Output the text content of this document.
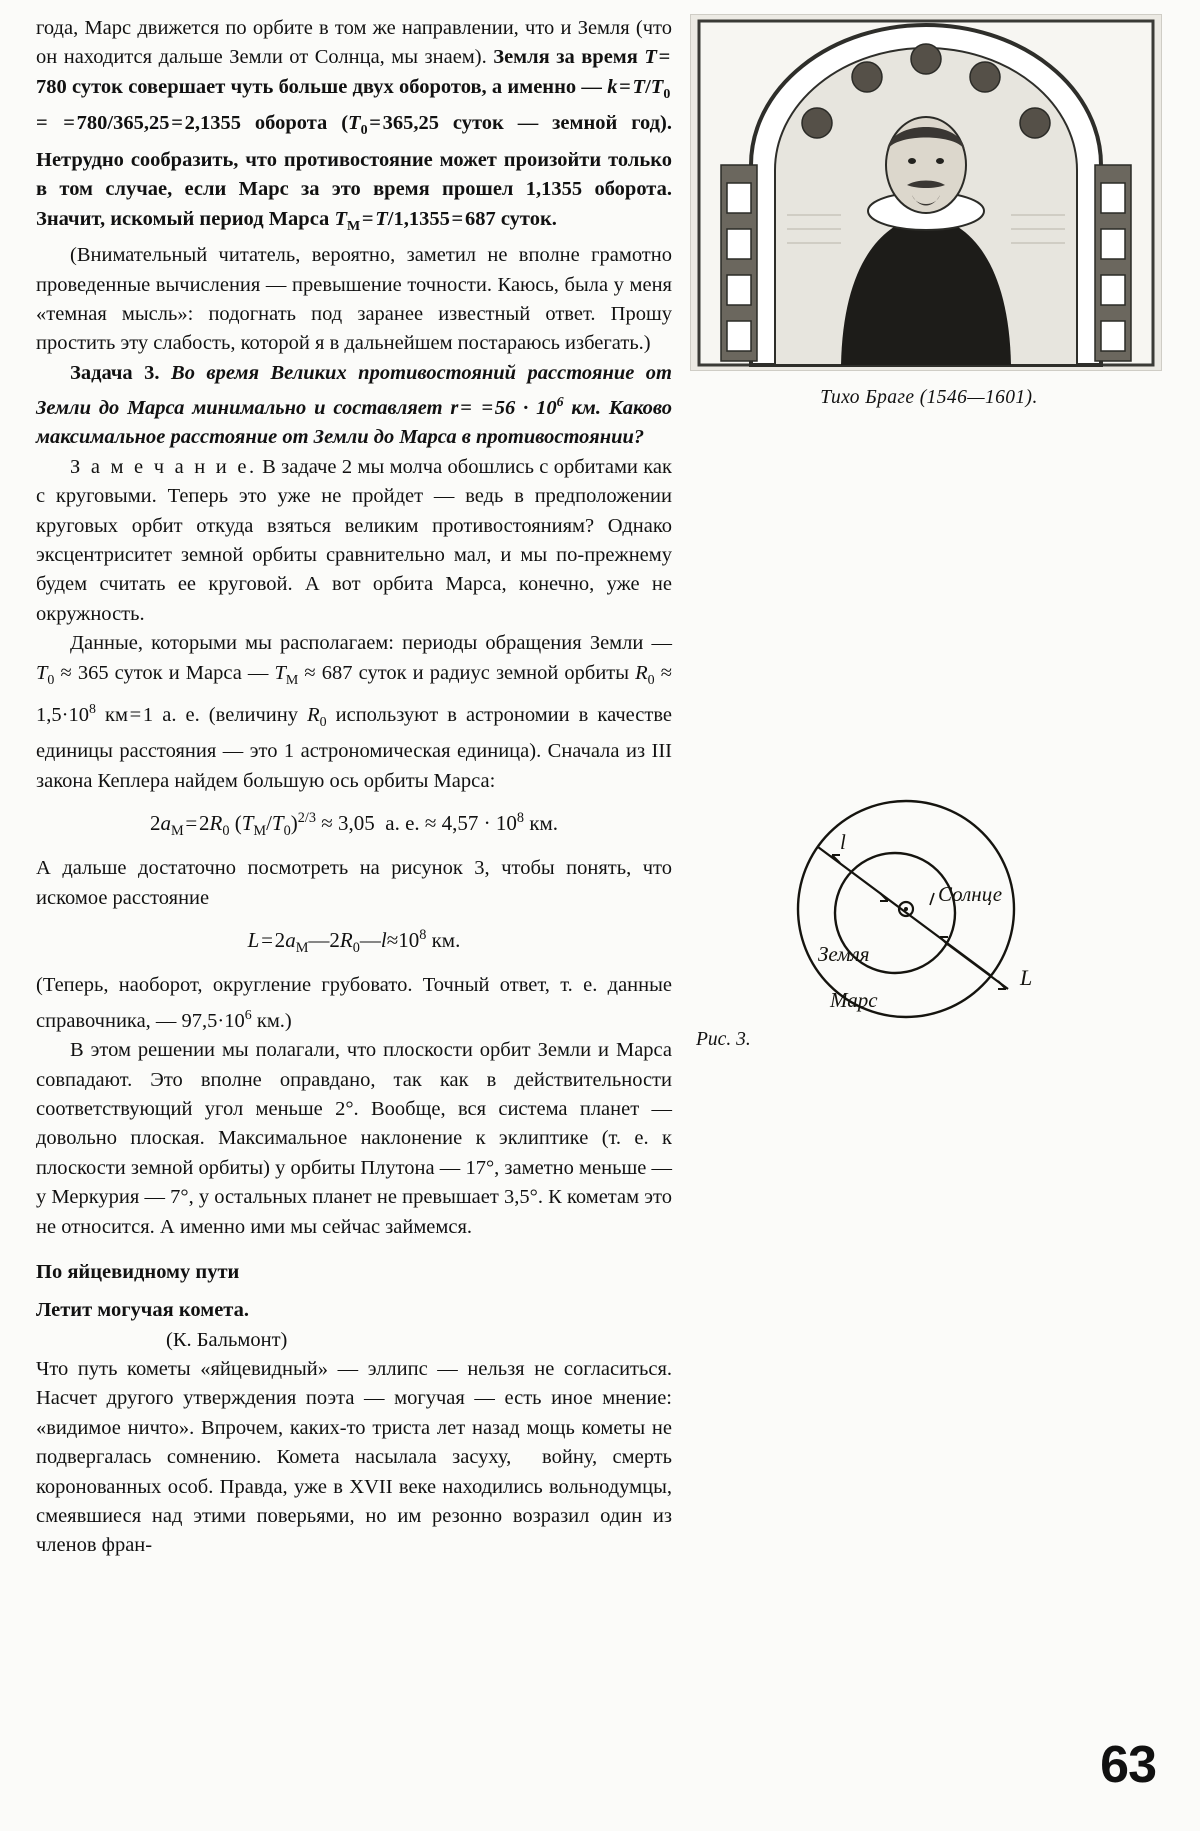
года, Марс движется по орбите в том же направлении, что и Земля (что он находится дальше Земли от Солнца, мы знаем). Земля за время T = 780 суток совершает чуть больше двух оборотов, а именно — k = $T/T_0$ =  = 780/365,25 = 2,1355 оборота ($T_0$ = 365,25 суток — земной год). Нетрудно сообразить, что противостояние может произойти только в том случае, если Марс за это время прошел 1,1355 оборота. Значит, искомый период Марса $T_М$ = T/1,1355 = 687 суток.

(Внимательный читатель, вероятно, заметил не вполне грамотно проведенные вычисления — превышение точности. Каюсь, была у меня «темная мысль»: подогнать под заранее известный ответ. Прошу простить эту слабость, которой я в дальнейшем постараюсь избегать.)

Задача 3. Во время Великих противостояний расстояние от Земли до Марса минимально и составляет r =  = $56 \cdot 10^6$ км. Каково максимальное расстояние от Земли до Марса в противостоянии?

З а м е ч а н и е. В задаче 2 мы молча обошлись с орбитами как с круговыми. Теперь это уже не пройдет — ведь в предположении круговых орбит откуда взяться великим противостояниям? Однако эксцентриситет земной орбиты сравнительно мал, и мы по-прежнему будем считать ее круговой. А вот орбита Марса, конечно, уже не окружность.

Данные, которыми мы располагаем: периоды обращения Земли — $T_0 \approx 365$ суток и Марса — $T_М \approx 687$ суток и радиус земной орбиты $R_0 \approx 1,5\cdot 10^8$ км = 1 а. е. (величину $R_0$ используют в астрономии в качестве единицы расстояния — это 1 астрономическая единица). Сначала из III закона Кеплера найдем большую ось орбиты Марса:

$2a_М$ = $2R_0$ $(T_М/T_0)^{2/3} \approx 3,05$  а. е. ≈ $4,57 \cdot 10^8$ км.

А дальше достаточно посмотреть на рисунок 3, чтобы понять, что искомое расстояние

L = $2a_М—2R_0—l\approx 10^8$ км.

(Теперь, наоборот, округление грубовато. Точный ответ, т. е. данные справочника, — $97,5\cdot 10^6$ км.)

В этом решении мы полагали, что плоскости орбит Земли и Марса совпадают. Это вполне оправдано, так как в действительности соответствующий угол меньше 2°. Вообще, вся система планет — довольно плоская. Максимальное наклонение к эклиптике (т. е. к плоскости земной орбиты) у орбиты Плутона — 17°, заметно меньше — у Меркурия — 7°, у остальных планет не превышает 3,5°. К кометам это не относится. А именно ими мы сейчас займемся.

По яйцевидному пути

Летит могучая комета.

(К. Бальмонт)

Что путь кометы «яйцевидный» — эллипс — нельзя не согласиться. Насчет другого утверждения поэта — могучая — есть иное мнение: «видимое ничто». Впрочем, каких-то триста лет назад мощь кометы не подвергалась сомнению. Комета насылала засуху,  войну, смерть коронованных особ. Правда, уже в XVII веке находились вольнодумцы, смеявшиеся над этими поверьями, но им резонно возразил один из членов фран-

Тихо Браге (1546—1601).
l
Солнце
Земля
Марс
L
Рис. 3.
63
